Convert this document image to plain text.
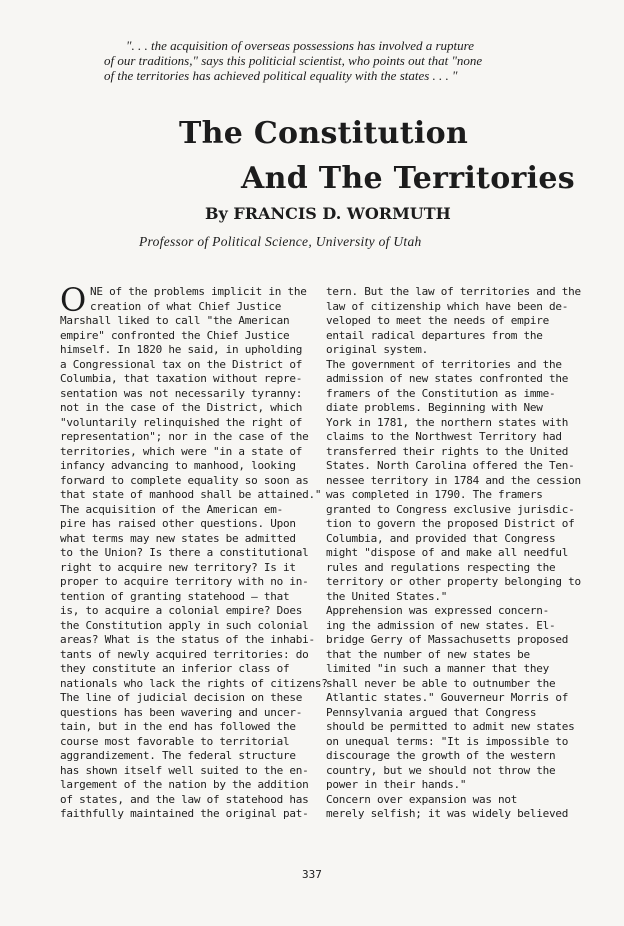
". . . the acquisition of overseas possessions has involved a rupture

of our traditions," says this politicial scientist, who points out that "none

of the territories has achieved political equality with the states . . . "

The Constitution
And The Territories

By FRANCIS D. WORMUTH

Professor of Political Science, University of Utah

O NE of the problems implicit in the
creation of what Chief Justice
Marshall liked to call "the American
empire" confronted the Chief Justice
himself. In 1820 he said, in upholding
a Congressional tax on the District of
Columbia, that taxation without repre-
sentation was not necessarily tyranny:
not in the case of the District, which
"voluntarily relinquished the right of
representation"; nor in the case of the
territories, which were "in a state of
infancy advancing to manhood, looking
forward to complete equality so soon as
that state of manhood shall be attained."
The acquisition of the American em-
pire has raised other questions. Upon
what terms may new states be admitted
to the Union? Is there a constitutional
right to acquire new territory? Is it
proper to acquire territory with no in-
tention of granting statehood — that
is, to acquire a colonial empire? Does
the Constitution apply in such colonial
areas? What is the status of the inhabi-
tants of newly acquired territories: do
they constitute an inferior class of
nationals who lack the rights of citizens?
The line of judicial decision on these
questions has been wavering and uncer-
tain, but in the end has followed the
course most favorable to territorial
aggrandizement. The federal structure
has shown itself well suited to the en-
largement of the nation by the addition
of states, and the law of statehood has
faithfully maintained the original pat-
tern. But the law of territories and the
law of citizenship which have been de-
veloped to meet the needs of empire
entail radical departures from the
original system.
The government of territories and the
admission of new states confronted the
framers of the Constitution as imme-
diate problems. Beginning with New
York in 1781, the northern states with
claims to the Northwest Territory had
transferred their rights to the United
States. North Carolina offered the Ten-
nessee territory in 1784 and the cession
was completed in 1790. The framers
granted to Congress exclusive jurisdic-
tion to govern the proposed District of
Columbia, and provided that Congress
might "dispose of and make all needful
rules and regulations respecting the
territory or other property belonging to
the United States."
Apprehension was expressed concern-
ing the admission of new states. El-
bridge Gerry of Massachusetts proposed
that the number of new states be
limited "in such a manner that they
shall never be able to outnumber the
Atlantic states." Gouverneur Morris of
Pennsylvania argued that Congress
should be permitted to admit new states
on unequal terms: "It is impossible to
discourage the growth of the western
country, but we should not throw the
power in their hands."
Concern over expansion was not
merely selfish; it was widely believed

337
